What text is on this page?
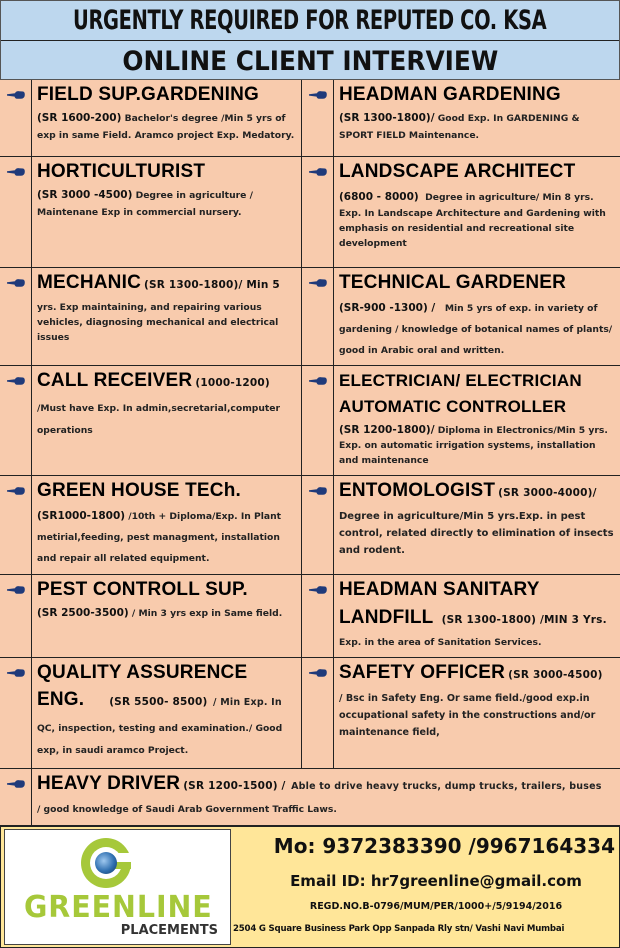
URGENTLY REQUIRED FOR REPUTED CO. KSA
ONLINE CLIENT INTERVIEW
FIELD SUP.GARDENING
(SR 1600-200) Bachelor's degree /Min 5 yrs of exp in same Field. Aramco project Exp. Medatory.
HEADMAN GARDENING
(SR 1300-1800)/ Good Exp. In GARDENING & SPORT FIELD Maintenance.
HORTICULTURIST
(SR 3000 -4500) Degree in agriculture / Maintenane Exp in commercial nursery.
LANDSCAPE ARCHITECT
(6800 - 8000) Degree in agriculture/ Min 8 yrs.
Exp. In Landscape Architecture and Gardening with emphasis on residential and recreational site development
MECHANIC (SR 1300-1800)/ Min 5
yrs. Exp maintaining, and repairing various vehicles, diagnosing mechanical and electrical issues
TECHNICAL GARDENER
(SR-900 -1300) / Min 5 yrs of exp. in variety of gardening / knowledge of botanical names of plants/ good in Arabic oral and written.
CALL RECEIVER (1000-1200)
/Must have Exp. In admin,secretarial,computer operations
ELECTRICIAN/ ELECTRICIAN
AUTOMATIC CONTROLLER
(SR 1200-1800)/ Diploma in Electronics/Min 5 yrs. Exp. on automatic irrigation systems, installation and maintenance
GREEN HOUSE TECh.
(SR1000-1800) /10th + Diploma/Exp. In Plant metirial,feeding, pest managment, installation and repair all related equipment.
ENTOMOLOGIST (SR 3000-4000)/
Degree in agriculture/Min 5 yrs.Exp. in pest control, related directly to elimination of insects and rodent.
PEST CONTROLL SUP.
(SR 2500-3500) / Min 3 yrs exp in Same field.
HEADMAN SANITARY
LANDFILL (SR 1300-1800) /MIN 3 Yrs.
Exp. in the area of Sanitation Services.
QUALITY ASSURENCE
ENG. (SR 5500- 8500) / Min Exp. In
QC, inspection, testing and examination./ Good exp, in saudi aramco Project.
SAFETY OFFICER (SR 3000-4500)
/ Bsc in Safety Eng. Or same field./good exp.in occupational safety in the constructions and/or maintenance field,
HEAVY DRIVER (SR 1200-1500) / Able to drive heavy trucks, dump trucks, trailers, buses
/ good knowledge of Saudi Arab Government Traffic Laws.
GREENLINE
PLACEMENTS
Mo: 9372383390 /9967164334
Email ID: hr7greenline@gmail.com
REGD.NO.B-0796/MUM/PER/1000+/5/9194/2016
2504 G Square Business Park Opp Sanpada Rly stn/ Vashi Navi Mumbai
